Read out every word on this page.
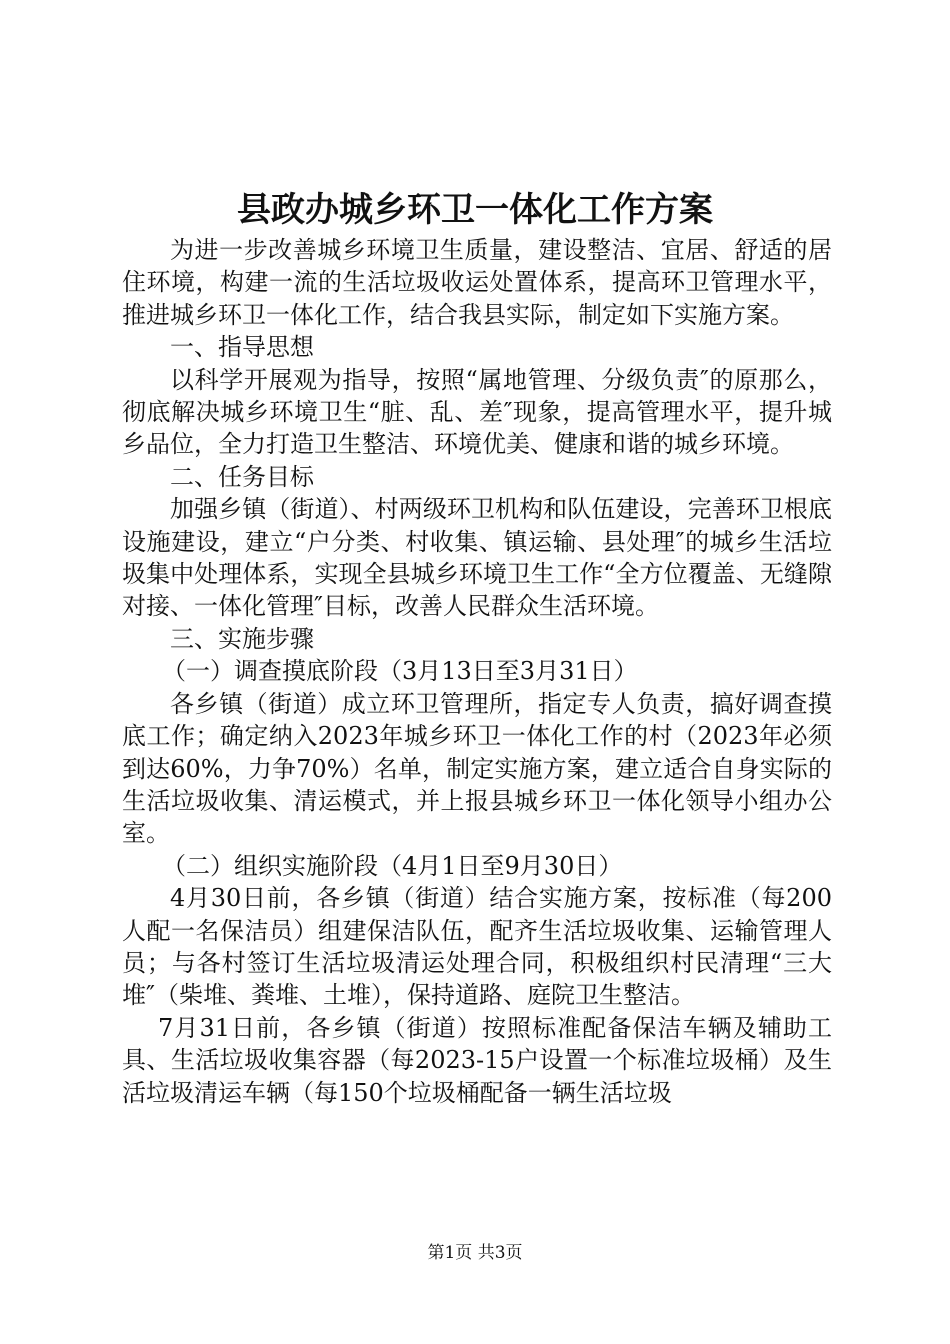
县政办城乡环卫一体化工作方案

为进一步改善城乡环境卫生质量，建设整洁、宜居、舒适的居住环境，构建一流的生活垃圾收运处置体系，提高环卫管理水平，推进城乡环卫一体化工作，结合我县实际，制定如下实施方案。

一、指导思想

以科学开展观为指导，按照“属地管理、分级负责″的原那么，彻底解决城乡环境卫生“脏、乱、差″现象，提高管理水平，提升城乡品位，全力打造卫生整洁、环境优美、健康和谐的城乡环境。

二、任务目标

加强乡镇（街道）、村两级环卫机构和队伍建设，完善环卫根底设施建设，建立“户分类、村收集、镇运输、县处理″的城乡生活垃圾集中处理体系，实现全县城乡环境卫生工作“全方位覆盖、无缝隙对接、一体化管理″目标，改善人民群众生活环境。

三、实施步骤

（一）调查摸底阶段（3月13日至3月31日）

各乡镇（街道）成立环卫管理所，指定专人负责，搞好调查摸底工作；确定纳入2023年城乡环卫一体化工作的村（2023年必须到达60%，力争70%）名单，制定实施方案，建立适合自身实际的生活垃圾收集、清运模式，并上报县城乡环卫一体化领导小组办公室。

（二）组织实施阶段（4月1日至9月30日）

4月30日前，各乡镇（街道）结合实施方案，按标准（每200人配一名保洁员）组建保洁队伍，配齐生活垃圾收集、运输管理人员；与各村签订生活垃圾清运处理合同，积极组织村民清理“三大堆″（柴堆、粪堆、土堆），保持道路、庭院卫生整洁。

7月31日前，各乡镇（街道）按照标准配备保洁车辆及辅助工具、生活垃圾收集容器（每2023-15户设置一个标准垃圾桶）及生活垃圾清运车辆（每150个垃圾桶配备一辆生活垃圾

第1页 共3页
